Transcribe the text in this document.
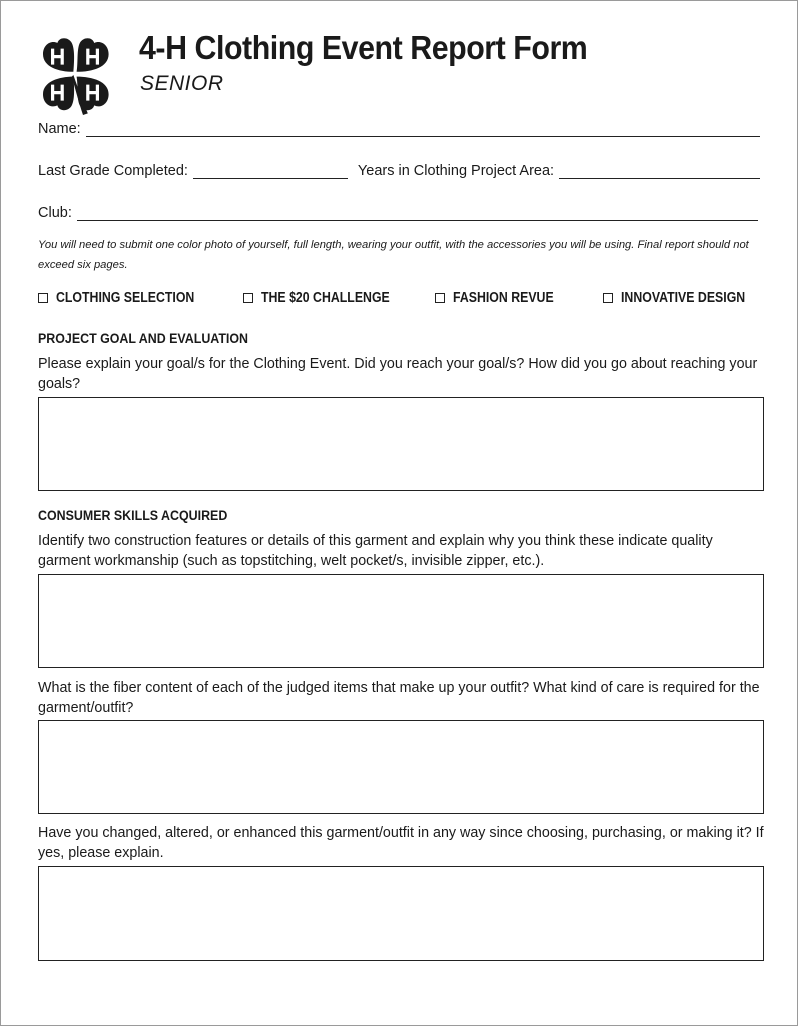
4-H Clothing Event Report Form
SENIOR
Name:
Last Grade Completed:	Years in Clothing Project Area:
Club:
You will need to submit one color photo of yourself, full length, wearing your outfit, with the accessories you will be using. Final report should not exceed six pages.
CLOTHING SELECTION	THE $20 CHALLENGE	FASHION REVUE	INNOVATIVE DESIGN
PROJECT GOAL AND EVALUATION
Please explain your goal/s for the Clothing Event. Did you reach your goal/s? How did you go about reaching your goals?
CONSUMER SKILLS ACQUIRED
Identify two construction features or details of this garment and explain why you think these indicate quality garment workmanship (such as topstitching, welt pocket/s, invisible zipper, etc.).
What is the fiber content of each of the judged items that make up your outfit? What kind of care is required for the garment/outfit?
Have you changed, altered, or enhanced this garment/outfit in any way since choosing, purchasing, or making it? If yes, please explain.
